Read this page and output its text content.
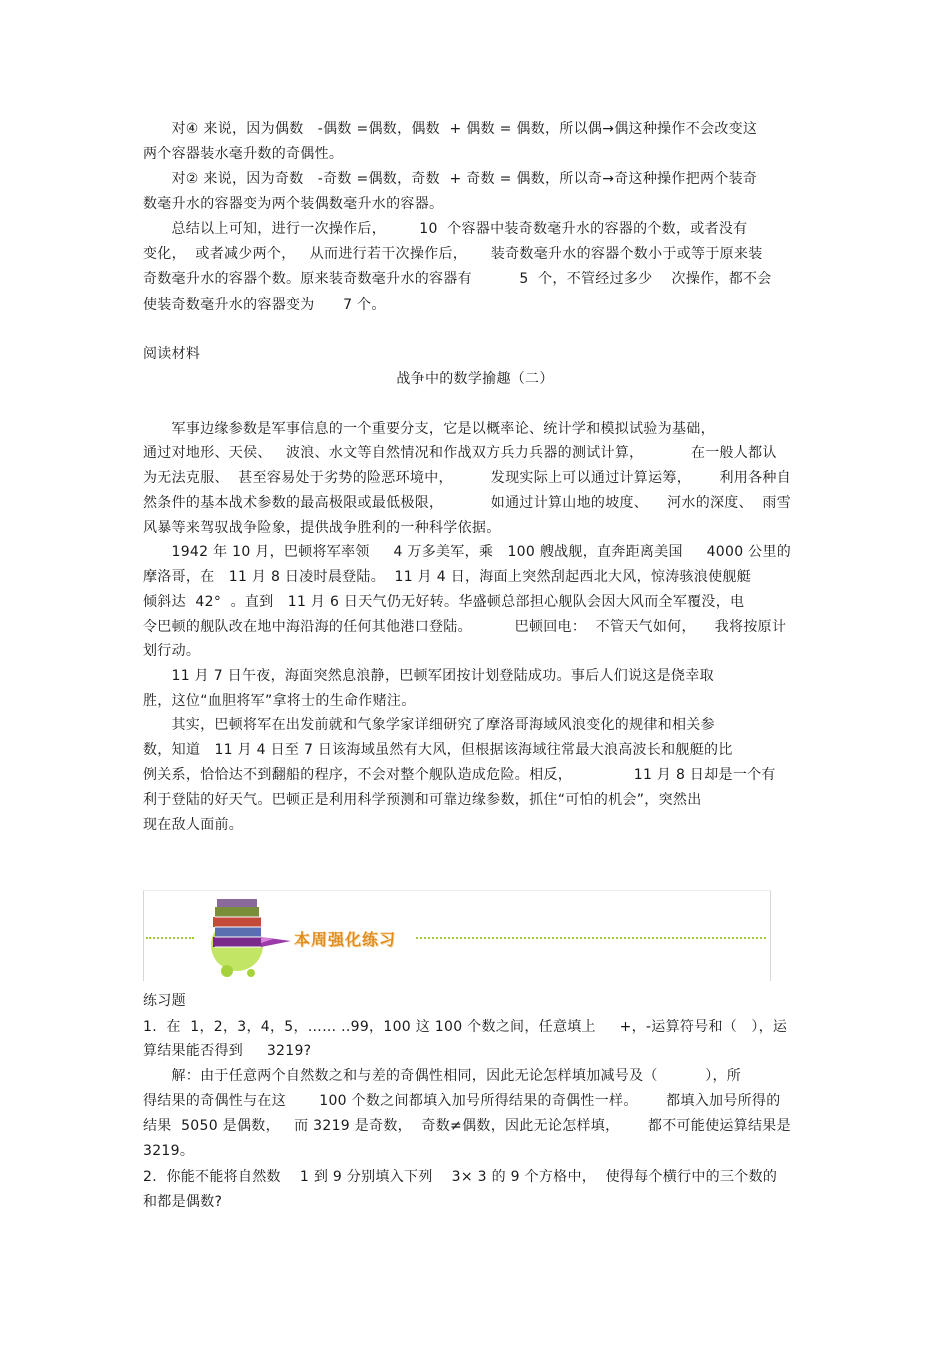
对④ 来说，因为偶数   -偶数 =偶数，偶数  + 偶数 = 偶数，所以偶→偶这种操作不会改变这
两个容器装水毫升数的奇偶性。
对② 来说，因为奇数   -奇数 =偶数，奇数  + 奇数 = 偶数，所以奇→奇这种操作把两个装奇
数毫升水的容器变为两个装偶数毫升水的容器。
总结以上可知，进行一次操作后，       10  个容器中装奇数毫升水的容器的个数，或者没有
变化，  或者减少两个，   从而进行若干次操作后，     装奇数毫升水的容器个数小于或等于原来装
奇数毫升水的容器个数。原来装奇数毫升水的容器有          5  个，不管经过多少    次操作，都不会
使装奇数毫升水的容器变为      7 个。
阅读材料
军事边缘参数是军事信息的一个重要分支，它是以概率论、统计学和模拟试验为基础，
通过对地形、天侯、   波浪、水文等自然情况和作战双方兵力兵器的测试计算，          在一般人都认
为无法克服、  甚至容易处于劣势的险恶环境中，        发现实际上可以通过计算运筹，      利用各种自
然条件的基本战术参数的最高极限或最低极限，          如通过计算山地的坡度、    河水的深度、  雨雪
风暴等来驾驭战争险象，提供战争胜利的一种科学依据。
1942 年 10 月，巴顿将军率领     4 万多美军，乘   100 艘战舰，直奔距离美国     4000 公里的
摩洛哥，在   11 月 8 日凌时晨登陆。  11 月 4 日，海面上突然刮起西北大风，惊涛骇浪使舰艇
倾斜达  42°  。直到   11 月 6 日天气仍无好转。华盛顿总部担心舰队会因大风而全军覆没，电
令巴顿的舰队改在地中海沿海的任何其他港口登陆。         巴顿回电：  不管天气如何，    我将按原计
划行动。
11 月 7 日午夜，海面突然息浪静，巴顿军团按计划登陆成功。事后人们说这是侥幸取
胜，这位“血胆将军”拿将士的生命作赌注。
其实，巴顿将军在出发前就和气象学家详细研究了摩洛哥海域风浪变化的规律和相关参
数，知道   11 月 4 日至 7 日该海域虽然有大风，但根据该海域往常最大浪高波长和舰艇的比
例关系，恰恰达不到翻船的程序，不会对整个舰队造成危险。相反，             11 月 8 日却是一个有
利于登陆的好天气。巴顿正是利用科学预测和可靠边缘参数，抓住“可怕的机会”，突然出
现在敌人面前。
练习题
1.  在  1，2，3，4，5，…… ..99，100 这 100 个数之间，任意填上     +，-运算符号和（   ），运
算结果能否得到     3219?
解：由于任意两个自然数之和与差的奇偶性相同，因此无论怎样填加减号及（          ），所
得结果的奇偶性与在这       100 个数之间都填入加号所得结果的奇偶性一样。      都填入加号所得的
结果  5050 是偶数，   而 3219 是奇数，  奇数≠偶数，因此无论怎样填，      都不可能使运算结果是
3219。
2.  你能不能将自然数    1 到 9 分别填入下列    3× 3 的 9 个方格中，  使得每个横行中的三个数的
和都是偶数?
战争中的数学揄趣（二）
本周强化练习
